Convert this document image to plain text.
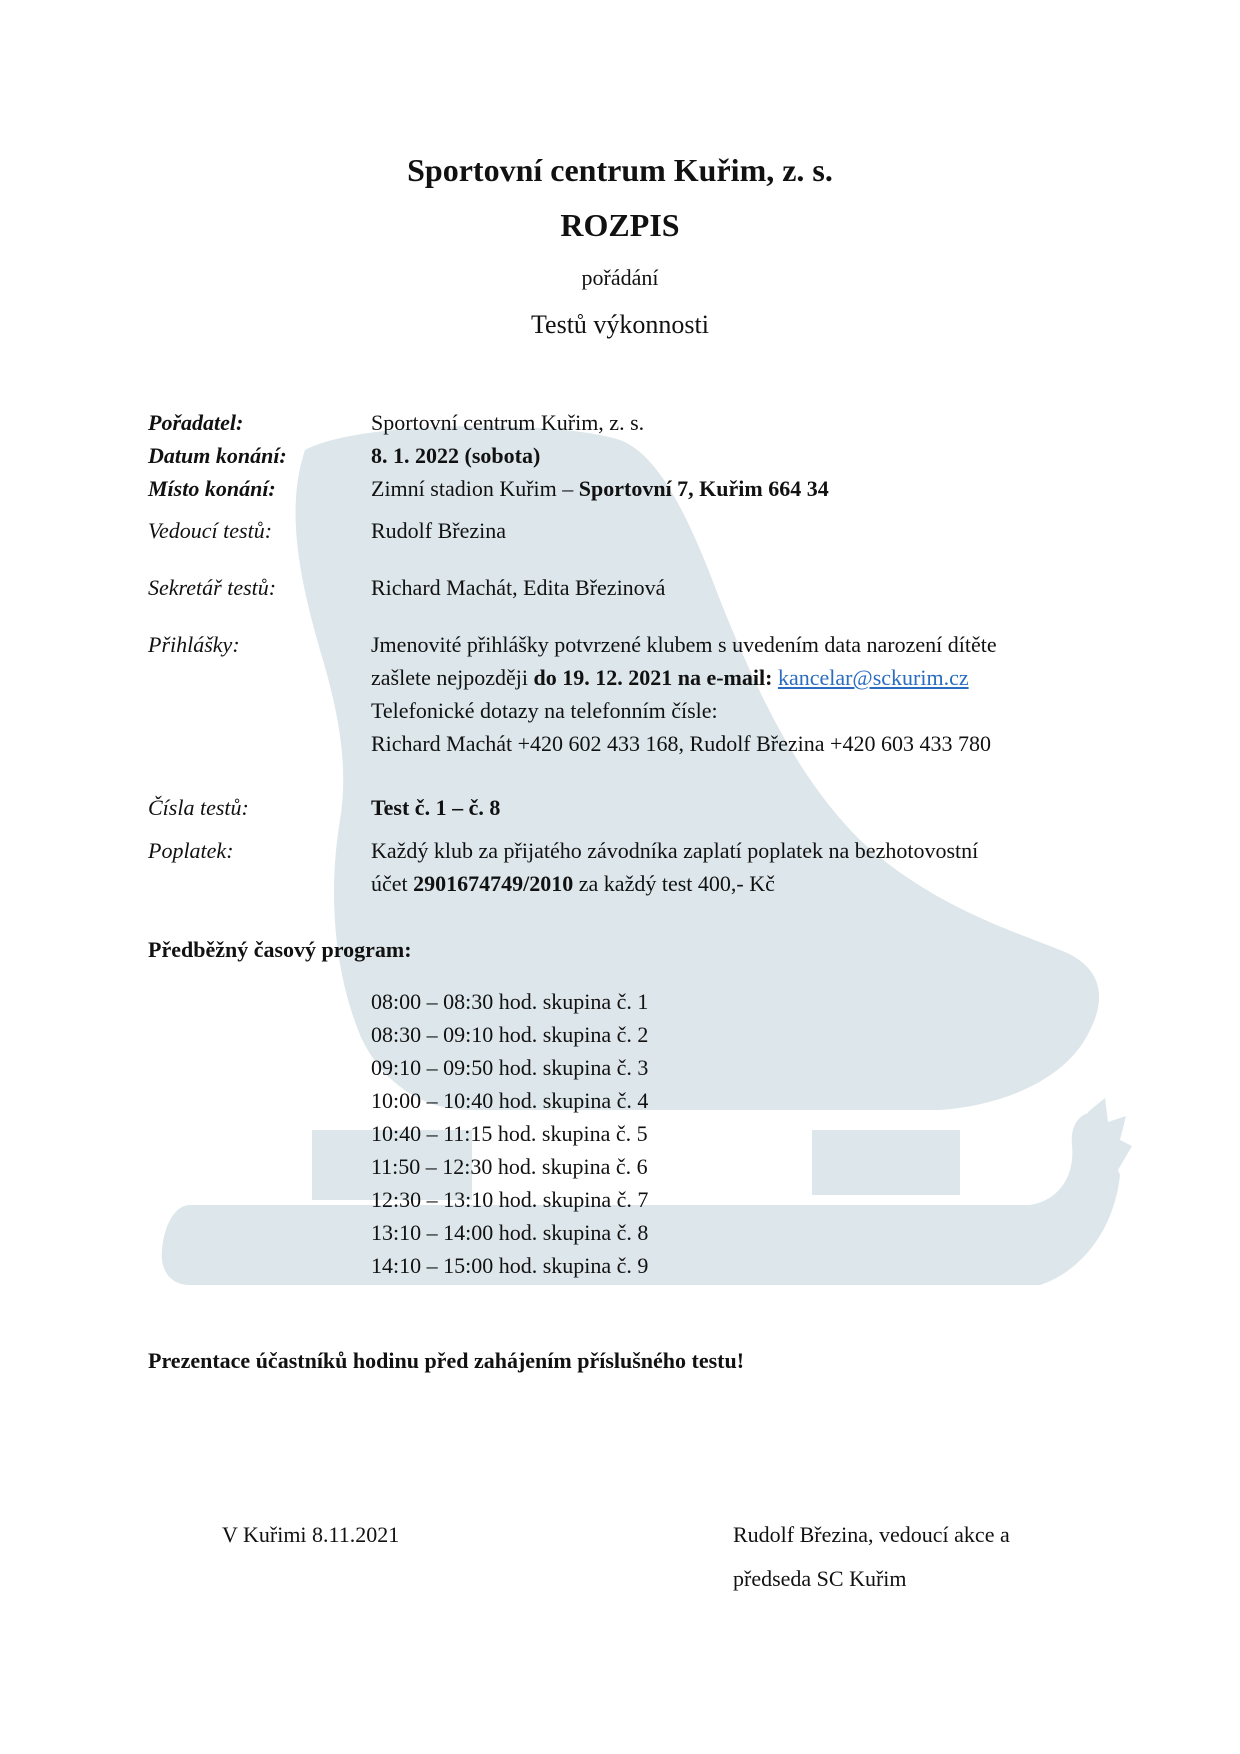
Sportovní centrum Kuřim, z. s.
ROZPIS
pořádání
Testů výkonnosti
Pořadatel:	Sportovní centrum Kuřim, z. s.
Datum konání:	8. 1. 2022 (sobota)
Místo konání:	Zimní stadion Kuřim – Sportovní 7, Kuřim 664 34
Vedoucí testů:	Rudolf Březina
Sekretář testů:	Richard Machát, Edita Březinová
Přihlášky:	Jmenovité přihlášky potvrzené klubem s uvedením data narození dítěte
zašlete nejpozději do 19. 12. 2021 na e-mail: kancelar@sckurim.cz
Telefonické dotazy na telefonním čísle:
Richard Machát +420 602 433 168, Rudolf Březina +420 603 433 780
Čísla testů:	Test č. 1 – č. 8
Poplatek:	Každý klub za přijatého závodníka zaplatí poplatek na bezhotovostní
účet 2901674749/2010 za každý test 400,- Kč
Předběžný časový program:
08:00 – 08:30 hod. skupina č. 1
08:30 – 09:10 hod. skupina č. 2
09:10 – 09:50 hod. skupina č. 3
10:00 – 10:40 hod. skupina č. 4
10:40 – 11:15 hod. skupina č. 5
11:50 – 12:30 hod. skupina č. 6
12:30 – 13:10 hod. skupina č. 7
13:10 – 14:00 hod. skupina č. 8
14:10 – 15:00 hod. skupina č. 9
Prezentace účastníků hodinu před zahájením příslušného testu!
V Kuřimi 8.11.2021	Rudolf Březina, vedoucí akce a
předseda SC Kuřim
